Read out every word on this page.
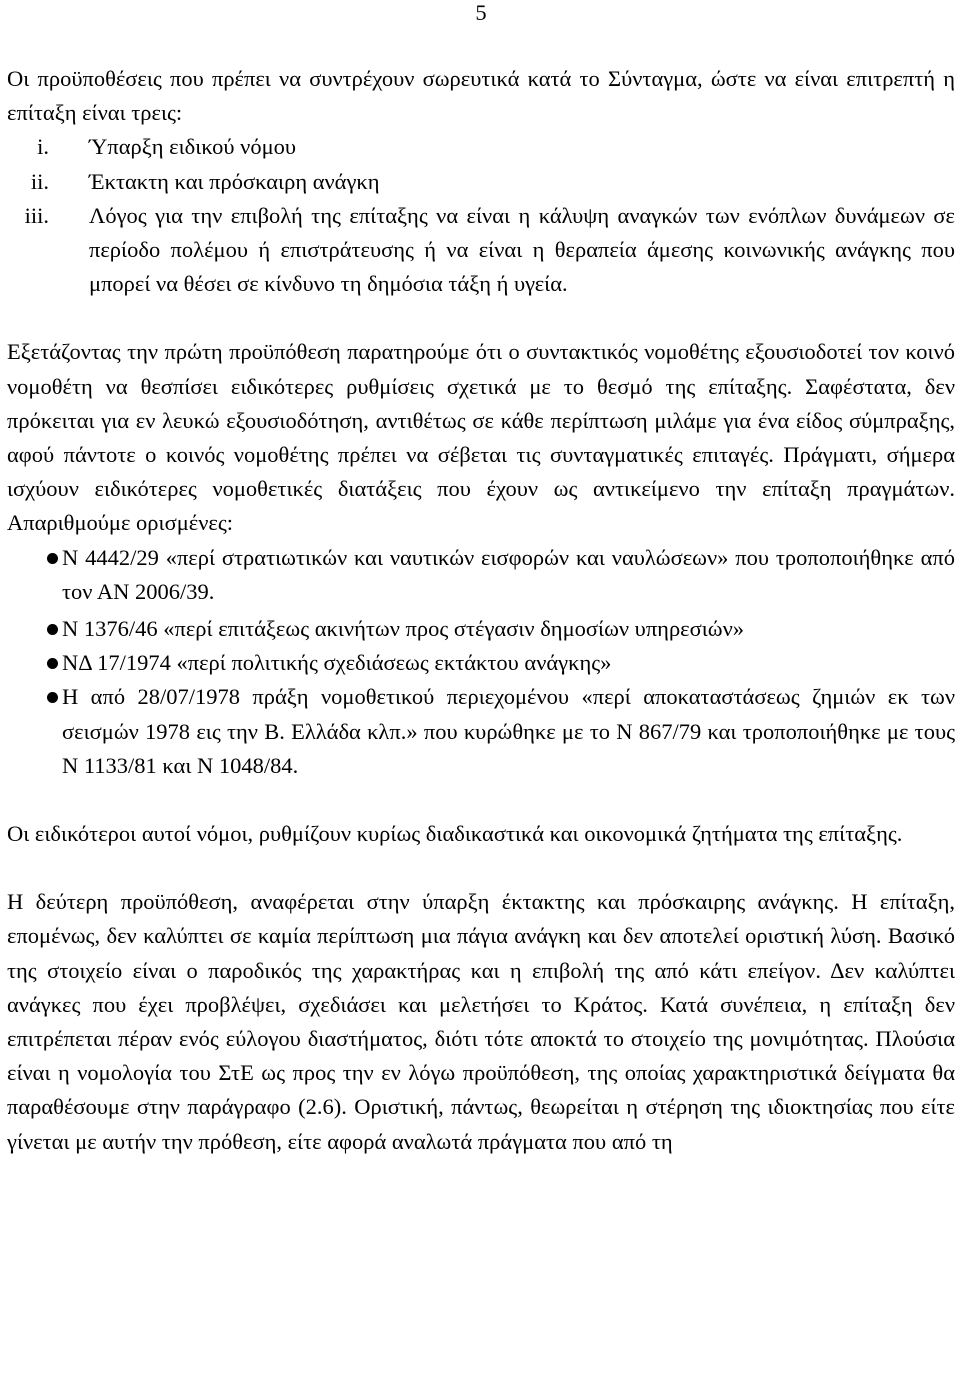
5

Οι προϋποθέσεις που πρέπει να συντρέχουν σωρευτικά κατά το Σύνταγμα, ώστε να είναι επιτρεπτή η επίταξη είναι τρεις:

i. Ύπαρξη ειδικού νόμου
ii. Έκτακτη και πρόσκαιρη ανάγκη
iii. Λόγος για την επιβολή της επίταξης να είναι η κάλυψη αναγκών των ενόπλων δυνάμεων σε περίοδο πολέμου ή επιστράτευσης ή να είναι η θεραπεία άμεσης κοινωνικής ανάγκης που μπορεί να θέσει σε κίνδυνο τη δημόσια τάξη ή υγεία.

Εξετάζοντας την πρώτη προϋπόθεση παρατηρούμε ότι ο συντακτικός νομοθέτης εξουσιοδοτεί τον κοινό νομοθέτη να θεσπίσει ειδικότερες ρυθμίσεις σχετικά με το θεσμό της επίταξης. Σαφέστατα, δεν πρόκειται για εν λευκώ εξουσιοδότηση, αντιθέτως σε κάθε περίπτωση μιλάμε για ένα είδος σύμπραξης, αφού πάντοτε ο κοινός νομοθέτης πρέπει να σέβεται τις συνταγματικές επιταγές. Πράγματι, σήμερα ισχύουν ειδικότερες νομοθετικές διατάξεις που έχουν ως αντικείμενο την επίταξη πραγμάτων. Απαριθμούμε ορισμένες:

Ν 4442/29 «περί στρατιωτικών και ναυτικών εισφορών και ναυλώσεων» που τροποποιήθηκε από τον ΑΝ 2006/39.
Ν 1376/46 «περί επιτάξεως ακινήτων προς στέγασιν δημοσίων υπηρεσιών»
ΝΔ 17/1974 «περί πολιτικής σχεδιάσεως εκτάκτου ανάγκης»
Η από 28/07/1978 πράξη νομοθετικού περιεχομένου «περί αποκαταστάσεως ζημιών εκ των σεισμών 1978 εις την Β. Ελλάδα κλπ.» που κυρώθηκε με το Ν 867/79 και τροποποιήθηκε με τους Ν 1133/81 και Ν 1048/84.

Οι ειδικότεροι αυτοί νόμοι, ρυθμίζουν κυρίως διαδικαστικά και οικονομικά ζητήματα της επίταξης.

Η δεύτερη προϋπόθεση, αναφέρεται στην ύπαρξη έκτακτης και πρόσκαιρης ανάγκης. Η επίταξη, επομένως, δεν καλύπτει σε καμία περίπτωση μια πάγια ανάγκη και δεν αποτελεί οριστική λύση. Βασικό της στοιχείο είναι ο παροδικός της χαρακτήρας και η επιβολή της από κάτι επείγον. Δεν καλύπτει ανάγκες που έχει προβλέψει, σχεδιάσει και μελετήσει το Κράτος. Κατά συνέπεια, η επίταξη δεν επιτρέπεται πέραν ενός εύλογου διαστήματος, διότι τότε αποκτά το στοιχείο της μονιμότητας. Πλούσια είναι η νομολογία του ΣτΕ ως προς την εν λόγω προϋπόθεση, της οποίας χαρακτηριστικά δείγματα θα παραθέσουμε στην παράγραφο (2.6). Οριστική, πάντως, θεωρείται η στέρηση της ιδιοκτησίας που είτε γίνεται με αυτήν την πρόθεση, είτε αφορά αναλωτά πράγματα που από τη
